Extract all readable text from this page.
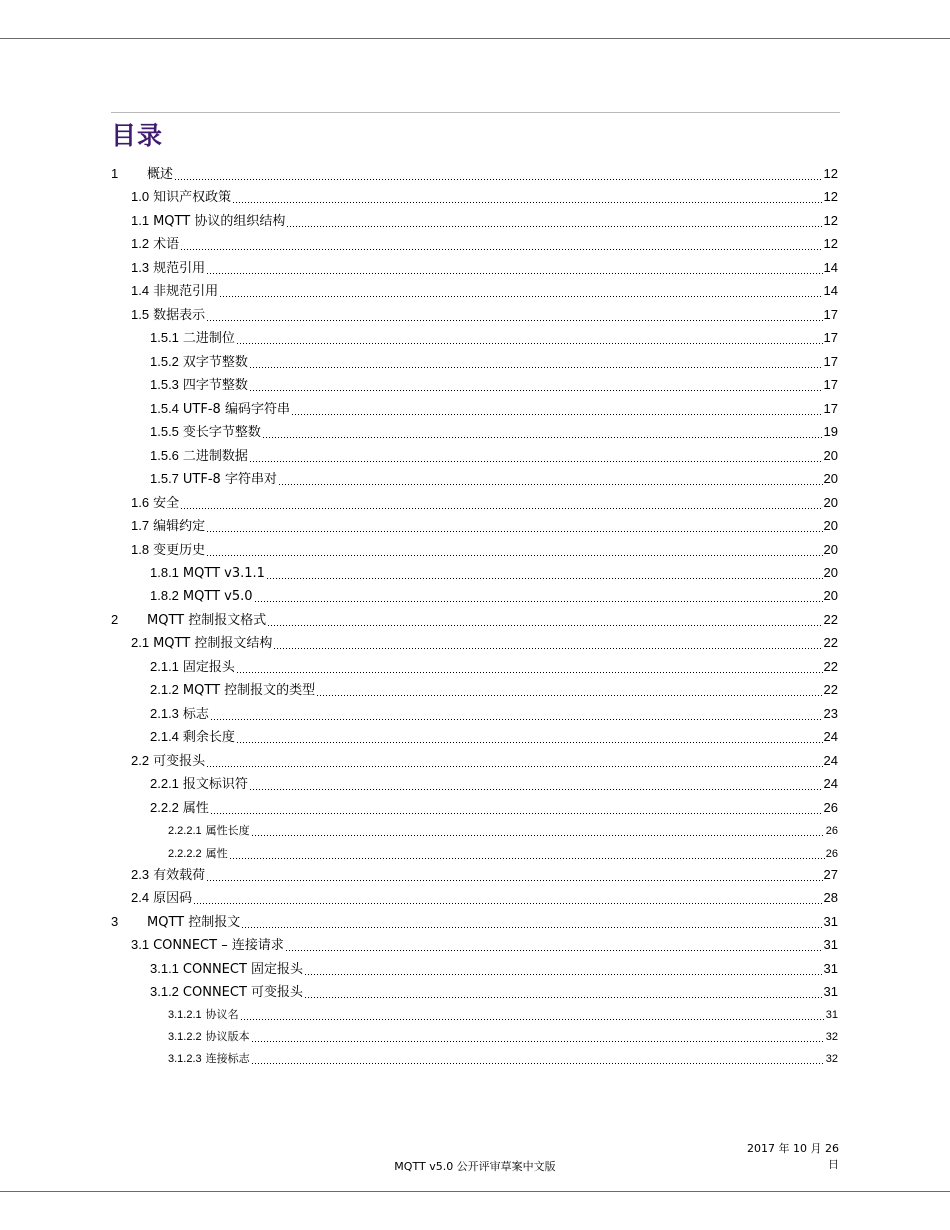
目录
1	概述	12
1.0 知识产权政策	12
1.1 MQTT 协议的组织结构	12
1.2 术语	12
1.3 规范引用	14
1.4 非规范引用	14
1.5 数据表示	17
1.5.1 二进制位	17
1.5.2 双字节整数	17
1.5.3 四字节整数	17
1.5.4 UTF-8 编码字符串	17
1.5.5 变长字节整数	19
1.5.6 二进制数据	20
1.5.7 UTF-8 字符串对	20
1.6 安全	20
1.7 编辑约定	20
1.8 变更历史	20
1.8.1 MQTT v3.1.1	20
1.8.2 MQTT v5.0	20
2	MQTT 控制报文格式	22
2.1 MQTT 控制报文结构	22
2.1.1 固定报头	22
2.1.2 MQTT 控制报文的类型	22
2.1.3 标志	23
2.1.4 剩余长度	24
2.2 可变报头	24
2.2.1 报文标识符	24
2.2.2 属性	26
2.2.2.1 属性长度	26
2.2.2.2 属性	26
2.3 有效载荷	27
2.4 原因码	28
3	MQTT 控制报文	31
3.1 CONNECT – 连接请求	31
3.1.1 CONNECT 固定报头	31
3.1.2 CONNECT 可变报头	31
3.1.2.1 协议名	31
3.1.2.2 协议版本	32
3.1.2.3 连接标志	32
MQTT v5.0 公开评审草案中文版
2017 年 10 月 26
日
